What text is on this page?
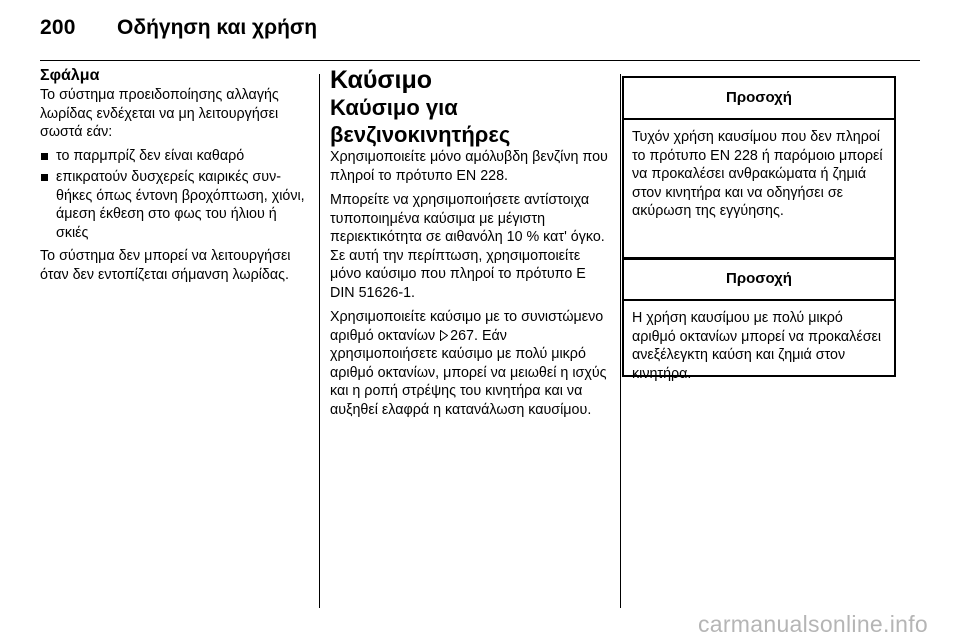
200 Οδήγηση και χρήση

Σφάλμα

Το σύστημα προειδοποίησης αλλαγής λωρίδας ενδέχεται να μη λειτουργήσει σωστά εάν:

το παρμπρίζ δεν είναι καθαρό
επικρατούν δυσχερείς καιρικές συνθήκες όπως έντονη βροχόπτωση, χιόνι, άμεση έκθεση στο φως του ήλιου ή σκιές

Το σύστημα δεν μπορεί να λειτουργήσει όταν δεν εντοπίζεται σήμανση λωρίδας.

Καύσιμο

Καύσιμο για
βενζινοκινητήρες

Χρησιμοποιείτε μόνο αμόλυβδη βενζίνη που πληροί το πρότυπο EN 228.

Μπορείτε να χρησιμοποιήσετε αντίστοιχα τυποποιημένα καύσιμα με μέγιστη περιεκτικότητα σε αιθανόλη 10 % κατ' όγκο. Σε αυτή την περίπτωση, χρησιμοποιείτε μόνο καύσιμο που πληροί το πρότυπο E DIN 51626-1.

Χρησιμοποιείτε καύσιμο με το συνιστώμενο αριθμό οκτανίων 267. Εάν χρησιμοποιήσετε καύσιμο με πολύ μικρό αριθμό οκτανίων, μπορεί να μειωθεί η ισχύς και η ροπή στρέψης του κινητήρα και να αυξηθεί ελαφρά η κατανάλωση καυσίμου.

Προσοχή
Τυχόν χρήση καυσίμου που δεν πληροί το πρότυπο EN 228 ή παρόμοιο μπορεί να προκαλέσει ανθρακώματα ή ζημιά στον κινητήρα και να οδηγήσει σε ακύρωση της εγγύησης.
Προσοχή
Η χρήση καυσίμου με πολύ μικρό αριθμό οκτανίων μπορεί να προκαλέσει ανεξέλεγκτη καύση και ζημιά στον κινητήρα.
carmanualsonline.info
